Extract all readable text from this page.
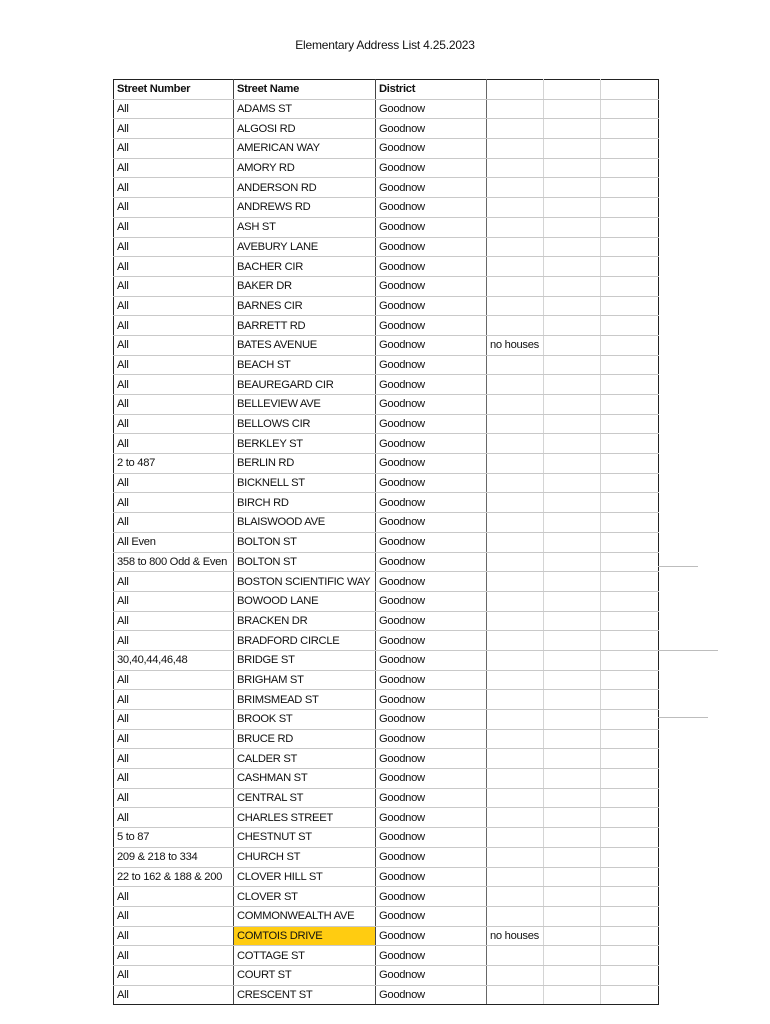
Elementary Address List 4.25.2023
Street Number	Street Name	District			
All	ADAMS ST	Goodnow			
All	ALGOSI RD	Goodnow			
All	AMERICAN WAY	Goodnow			
All	AMORY RD	Goodnow			
All	ANDERSON RD	Goodnow			
All	ANDREWS RD	Goodnow			
All	ASH ST	Goodnow			
All	AVEBURY LANE	Goodnow			
All	BACHER CIR	Goodnow			
All	BAKER DR	Goodnow			
All	BARNES CIR	Goodnow			
All	BARRETT RD	Goodnow			
All	BATES AVENUE	Goodnow	no houses		
All	BEACH ST	Goodnow			
All	BEAUREGARD CIR	Goodnow			
All	BELLEVIEW AVE	Goodnow			
All	BELLOWS CIR	Goodnow			
All	BERKLEY ST	Goodnow			
2 to 487	BERLIN RD	Goodnow			
All	BICKNELL ST	Goodnow			
All	BIRCH RD	Goodnow			
All	BLAISWOOD AVE	Goodnow			
All Even	BOLTON ST	Goodnow			
358 to 800 Odd & Even	BOLTON ST	Goodnow			
All	BOSTON SCIENTIFIC WAY	Goodnow			
All	BOWOOD LANE	Goodnow			
All	BRACKEN DR	Goodnow			
All	BRADFORD CIRCLE	Goodnow			
30,40,44,46,48	BRIDGE ST	Goodnow			
All	BRIGHAM ST	Goodnow			
All	BRIMSMEAD ST	Goodnow			
All	BROOK ST	Goodnow			
All	BRUCE RD	Goodnow			
All	CALDER ST	Goodnow			
All	CASHMAN ST	Goodnow			
All	CENTRAL ST	Goodnow			
All	CHARLES STREET	Goodnow			
5 to 87	CHESTNUT ST	Goodnow			
209 & 218 to 334	CHURCH ST	Goodnow			
22 to 162 & 188 & 200	CLOVER HILL ST	Goodnow			
All	CLOVER ST	Goodnow			
All	COMMONWEALTH AVE	Goodnow			
All	COMTOIS DRIVE	Goodnow	no houses		
All	COTTAGE ST	Goodnow			
All	COURT ST	Goodnow			
All	CRESCENT ST	Goodnow			
